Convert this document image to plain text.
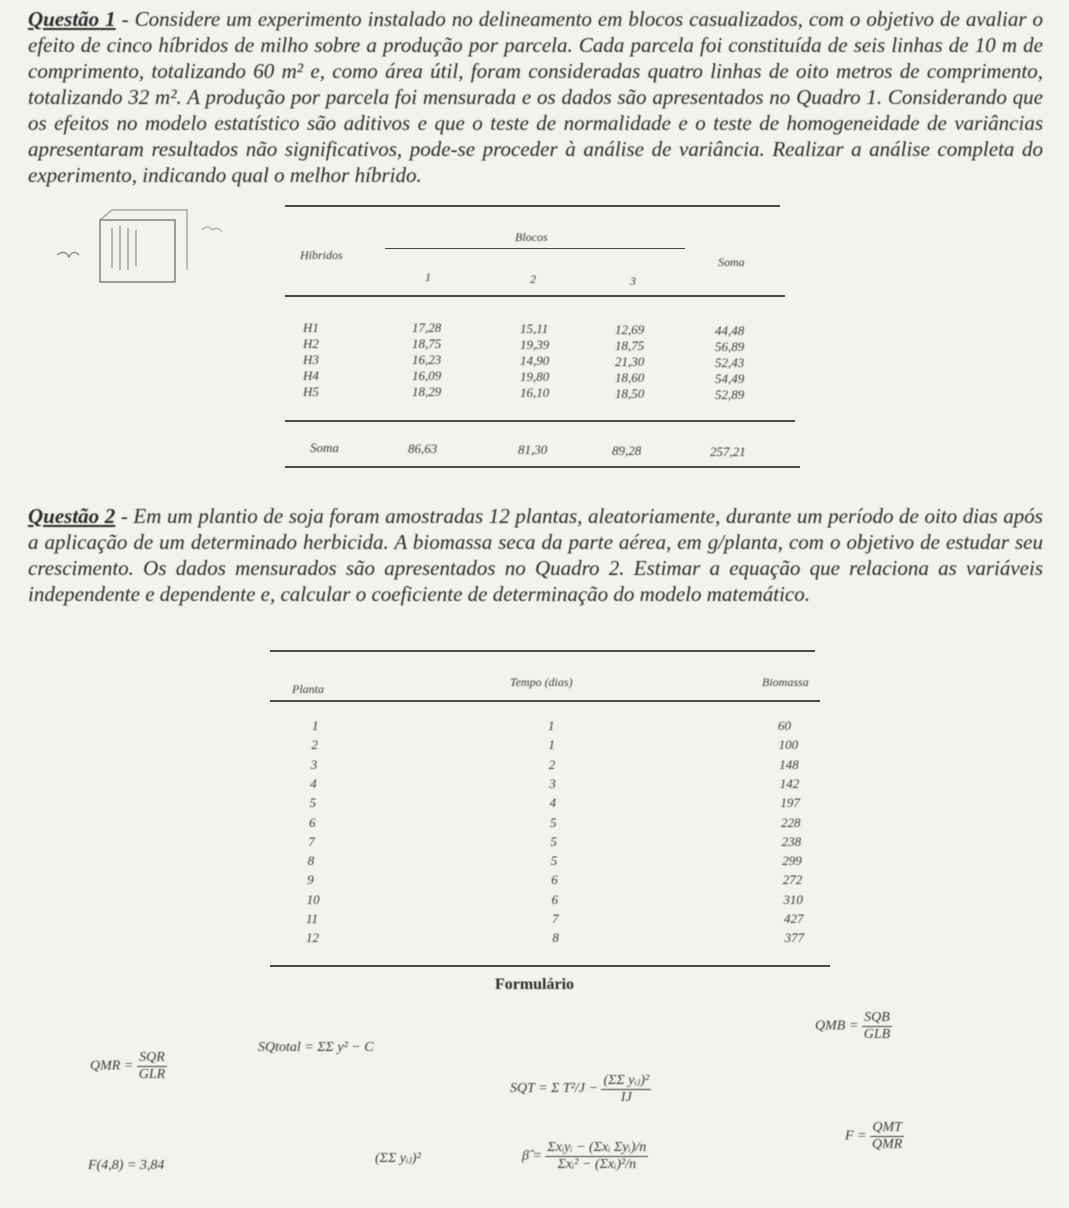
Questão 1 - Considere um experimento instalado no delineamento em blocos casualizados, com o objetivo de avaliar o efeito de cinco híbridos de milho sobre a produção por parcela. Cada parcela foi constituída de seis linhas de 10 m de comprimento, totalizando 60 m² e, como área útil, foram consideradas quatro linhas de oito metros de comprimento, totalizando 32 m². A produção por parcela foi mensurada e os dados são apresentados no Quadro 1. Considerando que os efeitos no modelo estatístico são aditivos e que o teste de normalidade e o teste de homogeneidade de variâncias apresentaram resultados não significativos, pode-se proceder à análise de variância. Realizar a análise completa do experimento, indicando qual o melhor híbrido.
Híbridos
Blocos
Soma
1	2	3
H1	17,28	15,11	12,69	44,48
H2	18,75	19,39	18,75	56,89
H3	16,23	14,90	21,30	52,43
H4	16,09	19,80	18,60	54,49
H5	18,29	16,10	18,50	52,89
Soma	86,63	81,30	89,28	257,21
Questão 2 - Em um plantio de soja foram amostradas 12 plantas, aleatoriamente, durante um período de oito dias após a aplicação de um determinado herbicida. A biomassa seca da parte aérea, em g/planta, com o objetivo de estudar seu crescimento. Os dados mensurados são apresentados no Quadro 2. Estimar a equação que relaciona as variáveis independente e dependente e, calcular o coeficiente de determinação do modelo matemático.
Planta	Tempo (dias)	Biomassa
1	1	60
2	1	100
3	2	148
4	3	142
5	4	197
6	5	228
7	5	238
8	5	299
9	6	272
10	6	310
11	7	427
12	8	377
Formulário
QMR = $\frac{\text{SQR}}{\text{GLR}}$
SQtotal = ΣΣ y² − C
SQT = Σ $T^2/J - \frac{\text{(ΣΣ yᵢⱼ)²}}{IJ}$
QMB = $\frac{\text{SQB}}{\text{GLB}}$
F(4,8) = 3,84	(ΣΣ yᵢⱼ)²	β̂ = $\frac{\text{Σxᵢyᵢ − (Σxᵢ Σyᵢ)/n}}{\text{Σxᵢ² − (Σxᵢ)²/n}}$
$F = \frac{\text{QMT}}{\text{QMR}}$
